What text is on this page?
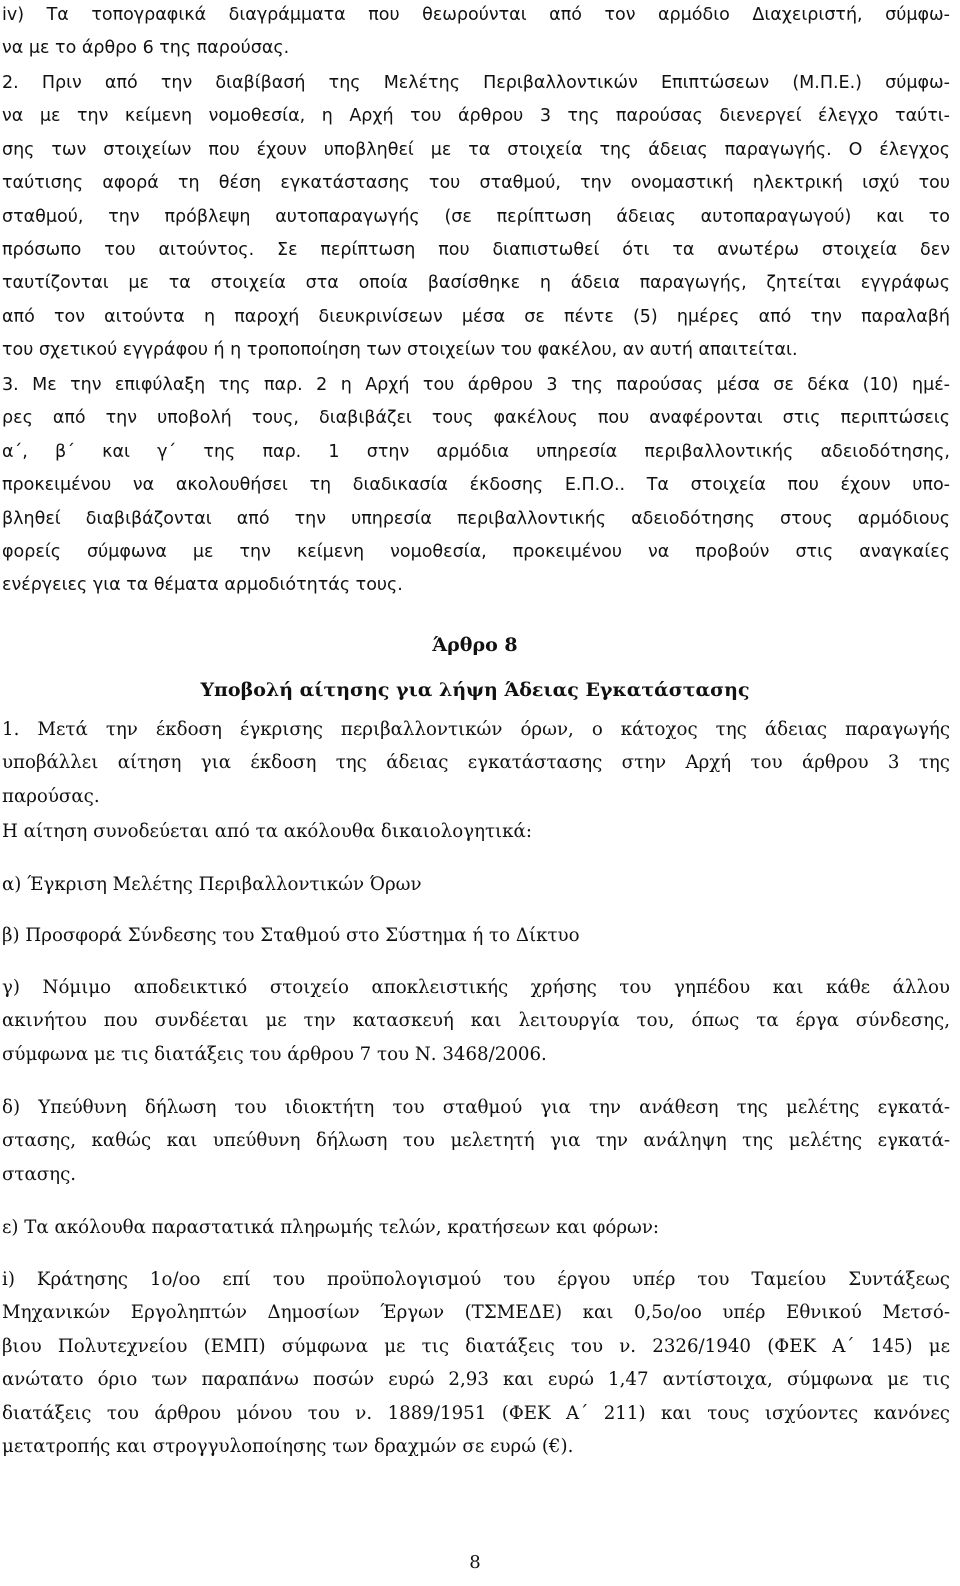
iv) Τα τοπογραφικά διαγράμματα που θεωρούνται από τον αρμόδιο Διαχειριστή, σύμφω-
να με το άρθρο 6 της παρούσας.
2. Πριν από την διαβίβασή της Μελέτης Περιβαλλοντικών Επιπτώσεων (Μ.Π.Ε.) σύμφω-
να με την κείμενη νομοθεσία, η Αρχή του άρθρου 3 της παρούσας διενεργεί έλεγχο ταύτι-
σης των στοιχείων που έχουν υποβληθεί με τα στοιχεία της άδειας παραγωγής. Ο έλεγχος
ταύτισης αφορά τη θέση εγκατάστασης του σταθμού, την ονομαστική ηλεκτρική ισχύ του
σταθμού, την πρόβλεψη αυτοπαραγωγής (σε περίπτωση άδειας αυτοπαραγωγού) και το
πρόσωπο του αιτούντος. Σε περίπτωση που διαπιστωθεί ότι τα ανωτέρω στοιχεία δεν
ταυτίζονται με τα στοιχεία στα οποία βασίσθηκε η άδεια παραγωγής, ζητείται εγγράφως
από τον αιτούντα η παροχή διευκρινίσεων μέσα σε πέντε (5) ημέρες από την παραλαβή
του σχετικού εγγράφου ή η τροποποίηση των στοιχείων του φακέλου, αν αυτή απαιτείται.
3. Με την επιφύλαξη της παρ. 2 η Αρχή του άρθρου 3 της παρούσας μέσα σε δέκα (10) ημέ-
ρες από την υποβολή τους, διαβιβάζει τους φακέλους που αναφέρονται στις περιπτώσεις
α΄, β΄ και γ΄ της παρ. 1 στην αρμόδια υπηρεσία περιβαλλοντικής αδειοδότησης,
προκειμένου να ακολουθήσει τη διαδικασία έκδοσης Ε.Π.Ο.. Τα στοιχεία που έχουν υπο-
βληθεί διαβιβάζονται από την υπηρεσία περιβαλλοντικής αδειοδότησης στους αρμόδιους
φορείς σύμφωνα με την κείμενη νομοθεσία, προκειμένου να προβούν στις αναγκαίες
ενέργειες για τα θέματα αρμοδιότητάς τους.
Άρθρο 8
Υποβολή αίτησης για λήψη Άδειας Εγκατάστασης
1. Μετά την έκδοση έγκρισης περιβαλλοντικών όρων, ο κάτοχος της άδειας παραγωγής
υποβάλλει αίτηση για έκδοση της άδειας εγκατάστασης στην Αρχή του άρθρου 3 της
παρούσας.
Η αίτηση συνοδεύεται από τα ακόλουθα δικαιολογητικά:
α) Έγκριση Μελέτης Περιβαλλοντικών Όρων
β) Προσφορά Σύνδεσης του Σταθμού στο Σύστημα ή το Δίκτυο
γ) Νόμιμο αποδεικτικό στοιχείο αποκλειστικής χρήσης του γηπέδου και κάθε άλλου
ακινήτου που συνδέεται με την κατασκευή και λειτουργία του, όπως τα έργα σύνδεσης,
σύμφωνα με τις διατάξεις του άρθρου 7 του Ν. 3468/2006.
δ) Υπεύθυνη δήλωση του ιδιοκτήτη του σταθμού για την ανάθεση της μελέτης εγκατά-
στασης, καθώς και υπεύθυνη δήλωση του μελετητή για την ανάληψη της μελέτης εγκατά-
στασης.
ε) Τα ακόλουθα παραστατικά πληρωμής τελών, κρατήσεων και φόρων:
i) Κράτησης 1ο/οο επί του προϋπολογισμού του έργου υπέρ του Ταμείου Συντάξεως
Μηχανικών Εργοληπτών Δημοσίων Έργων (ΤΣΜΕΔΕ) και 0,5ο/οο υπέρ Εθνικού Μετσό-
βιου Πολυτεχνείου (ΕΜΠ) σύμφωνα με τις διατάξεις του ν. 2326/1940 (ΦΕΚ Α΄ 145) με
ανώτατο όριο των παραπάνω ποσών ευρώ 2,93 και ευρώ 1,47 αντίστοιχα, σύμφωνα με τις
διατάξεις του άρθρου μόνου του ν. 1889/1951 (ΦΕΚ Α΄ 211) και τους ισχύοντες κανόνες
μετατροπής και στρογγυλοποίησης των δραχμών σε ευρώ (€).
8
